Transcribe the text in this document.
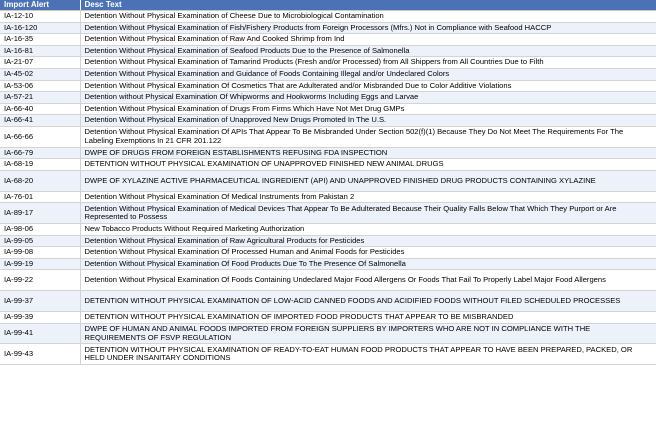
Import Alert	Desc Text
IA-12-10	Detention Without Physical Examination of Cheese Due to Microbiological Contamination
IA-16-120	Detention Without Physical Examination of Fish/Fishery Products from Foreign Processors (Mfrs.) Not in Compliance with Seafood HACCP
IA-16-35	Detention Without Physical Examination of Raw And Cooked Shrimp from Ind
IA-16-81	Detention Without Physical Examination of Seafood Products Due to the Presence of Salmonella
IA-21-07	Detention Without Physical Examination of Tamarind Products (Fresh and/or Processed) from All Shippers from All Countries Due to Filth
IA-45-02	Detention Without Physical Examination and Guidance of Foods Containing Illegal and/or Undeclared Colors
IA-53-06	Detention Without Physical Examination Of Cosmetics That are Adulterated and/or Misbranded Due to Color Additive Violations
IA-57-21	Detention without Physical Examination Of Whipworms and Hookworms Including Eggs and Larvae
IA-66-40	Detention Without Physical Examination of Drugs From Firms Which Have Not Met Drug GMPs
IA-66-41	Detention Without Physical Examination of Unapproved New Drugs Promoted In The U.S.
IA-66-66	Detention Without Physical Examination Of APIs That Appear To Be Misbranded Under Section 502(f)(1) Because They Do Not Meet The Requirements For The Labeling Exemptions In 21 CFR 201.122
IA-66-79	DWPE OF DRUGS FROM FOREIGN ESTABLISHMENTS REFUSING FDA INSPECTION
IA-68-19	DETENTION WITHOUT PHYSICAL EXAMINATION OF UNAPPROVED FINISHED NEW ANIMAL DRUGS
IA-68-20	DWPE OF XYLAZINE ACTIVE PHARMACEUTICAL INGREDIENT (API) AND UNAPPROVED FINISHED DRUG PRODUCTS CONTAINING XYLAZINE
IA-76-01	Detention Without Physical Examination Of Medical Instruments from Pakistan 2
IA-89-17	Detention Without Physical Examination of Medical Devices That Appear To Be Adulterated Because Their Quality Falls Below That Which They Purport or Are Represented to Possess
IA-98-06	New Tobacco Products Without Required Marketing Authorization
IA-99-05	Detention Without Physical Examination of Raw Agricultural Products for Pesticides
IA-99-08	Detention Without Physical Examination Of Processed Human and Animal Foods for Pesticides
IA-99-19	Detention Without Physical Examination Of Food Products Due To The Presence Of Salmonella
IA-99-22	Detention Without Physical Examination Of Foods Containing Undeclared Major Food Allergens Or Foods That Fail To Properly Label Major Food Allergens
IA-99-37	DETENTION WITHOUT PHYSICAL EXAMINATION OF LOW-ACID CANNED FOODS AND ACIDIFIED FOODS WITHOUT FILED SCHEDULED PROCESSES
IA-99-39	DETENTION WITHOUT PHYSICAL EXAMINATION OF IMPORTED FOOD PRODUCTS THAT APPEAR TO BE MISBRANDED
IA-99-41	DWPE OF HUMAN AND ANIMAL FOODS IMPORTED FROM FOREIGN SUPPLIERS BY IMPORTERS WHO ARE NOT IN COMPLIANCE WITH THE REQUIREMENTS OF FSVP REGULATION
IA-99-43	DETENTION WITHOUT PHYSICAL EXAMINATION OF READY-TO-EAT HUMAN FOOD PRODUCTS THAT APPEAR TO HAVE BEEN PREPARED, PACKED, OR HELD UNDER INSANITARY CONDITIONS
